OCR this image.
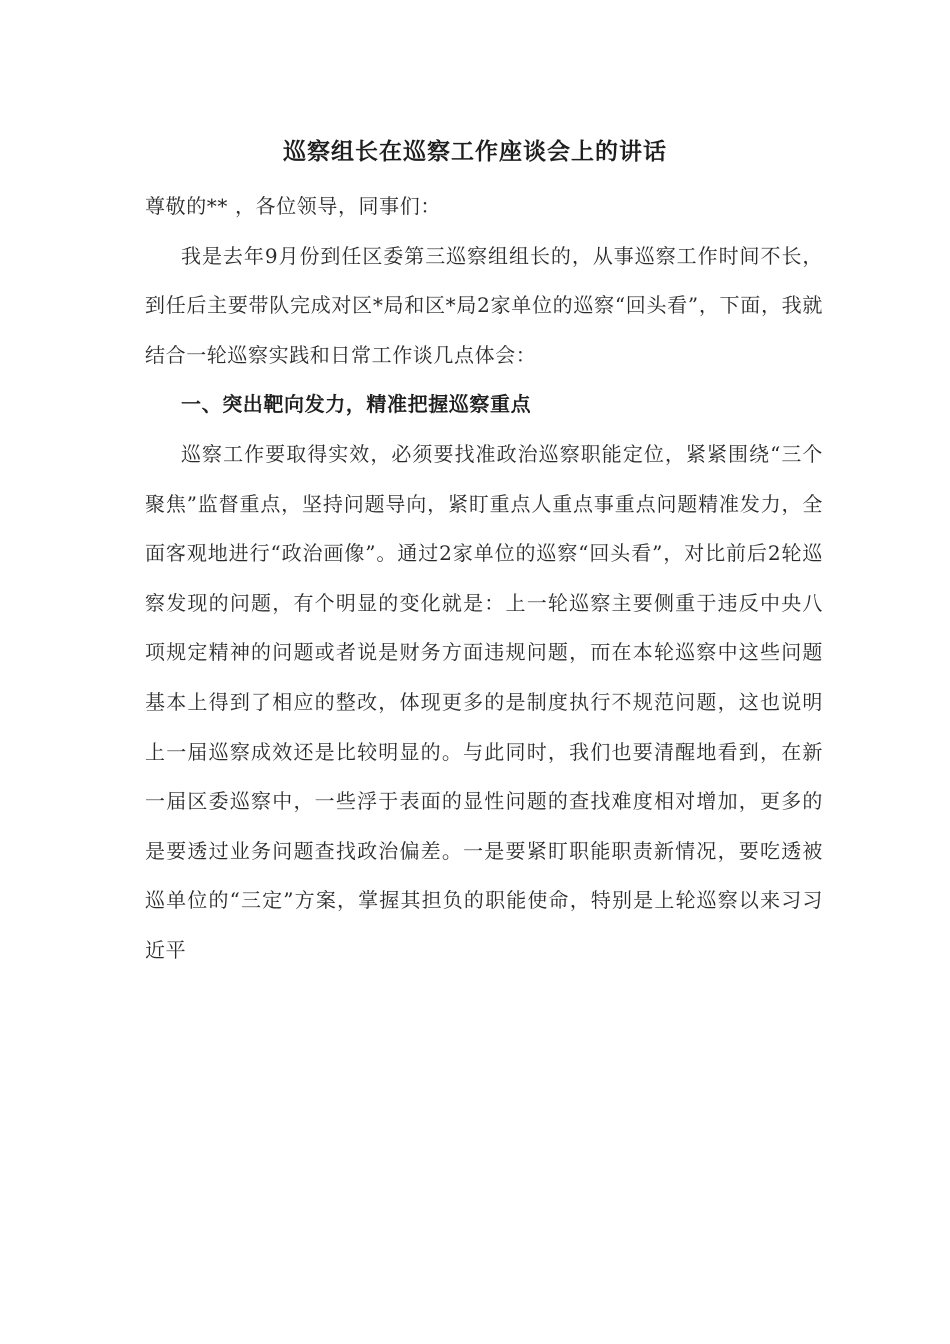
巡察组长在巡察工作座谈会上的讲话

尊敬的** ，各位领导，同事们：

我是去年9月份到任区委第三巡察组组长的，从事巡察工作时间不长，到任后主要带队完成对区*局和区*局2家单位的巡察“回头看”，下面，我就结合一轮巡察实践和日常工作谈几点体会：

一、突出靶向发力，精准把握巡察重点

巡察工作要取得实效，必须要找准政治巡察职能定位，紧紧围绕“三个聚焦”监督重点，坚持问题导向，紧盯重点人重点事重点问题精准发力，全面客观地进行“政治画像”。通过2家单位的巡察“回头看”，对比前后2轮巡察发现的问题，有个明显的变化就是：上一轮巡察主要侧重于违反中央八项规定精神的问题或者说是财务方面违规问题，而在本轮巡察中这些问题基本上得到了相应的整改，体现更多的是制度执行不规范问题，这也说明上一届巡察成效还是比较明显的。与此同时，我们也要清醒地看到，在新一届区委巡察中，一些浮于表面的显性问题的查找难度相对增加，更多的是要透过业务问题查找政治偏差。一是要紧盯职能职责新情况，要吃透被巡单位的“三定”方案，掌握其担负的职能使命，特别是上轮巡察以来习习近平
